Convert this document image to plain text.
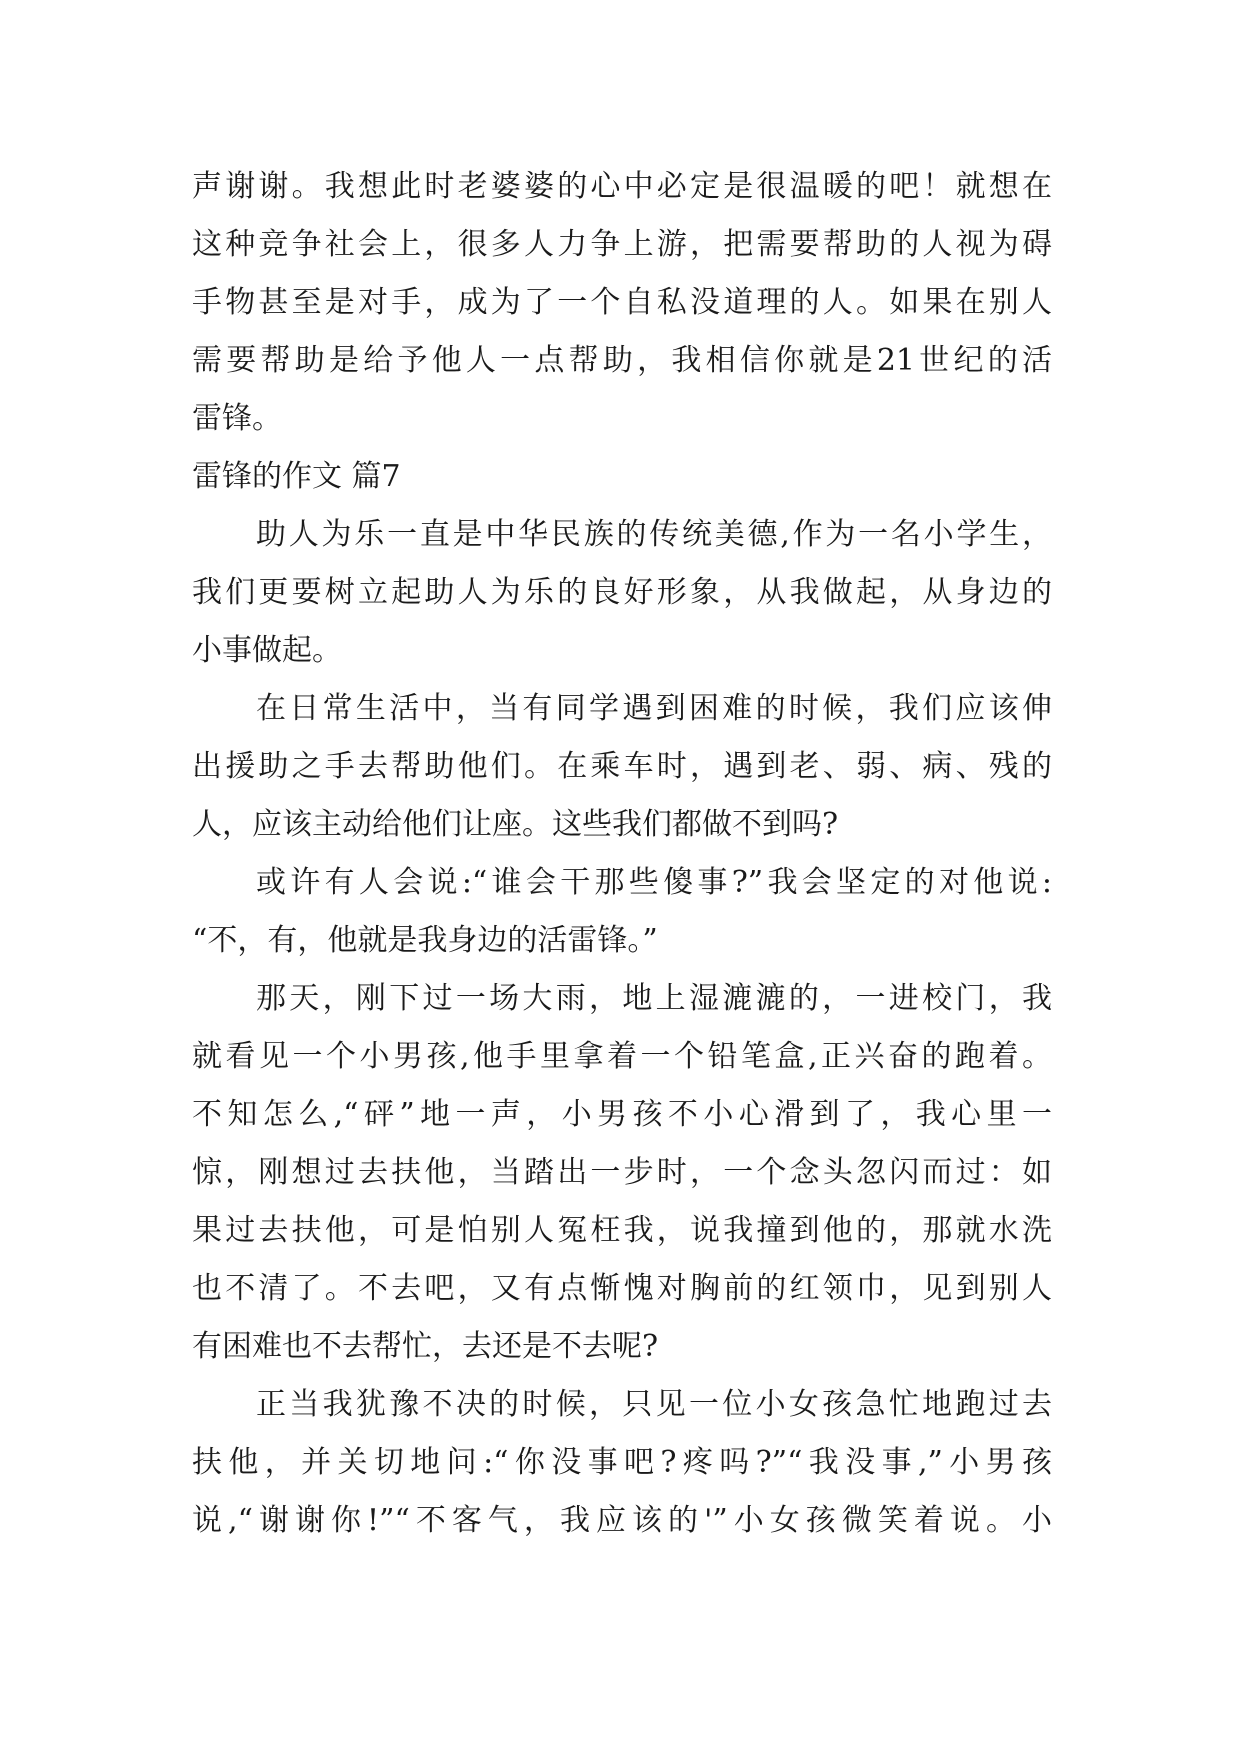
声谢谢。我想此时老婆婆的心中必定是很温暖的吧！就想在
这种竞争社会上，很多人力争上游，把需要帮助的人视为碍
手物甚至是对手，成为了一个自私没道理的人。如果在别人
需要帮助是给予他人一点帮助，我相信你就是21世纪的活
雷锋。
雷锋的作文 篇7
助人为乐一直是中华民族的传统美德,作为一名小学生，
我们更要树立起助人为乐的良好形象，从我做起，从身边的
小事做起。
在日常生活中，当有同学遇到困难的时候，我们应该伸
出援助之手去帮助他们。在乘车时，遇到老、弱、病、残的
人，应该主动给他们让座。这些我们都做不到吗?
或许有人会说:“谁会干那些傻事?”我会坚定的对他说:
“不，有，他就是我身边的活雷锋。”
那天，刚下过一场大雨，地上湿漉漉的，一进校门，我
就看见一个小男孩,他手里拿着一个铅笔盒,正兴奋的跑着。
不知怎么,“砰”地一声，小男孩不小心滑到了，我心里一
惊，刚想过去扶他，当踏出一步时，一个念头忽闪而过：如
果过去扶他，可是怕别人冤枉我，说我撞到他的，那就水洗
也不清了。不去吧，又有点惭愧对胸前的红领巾，见到别人
有困难也不去帮忙，去还是不去呢?
正当我犹豫不决的时候，只见一位小女孩急忙地跑过去
扶他，并关切地问:“你没事吧?疼吗?”“我没事,”小男孩
说,“谢谢你!”“不客气，我应该的'”小女孩微笑着说。小
